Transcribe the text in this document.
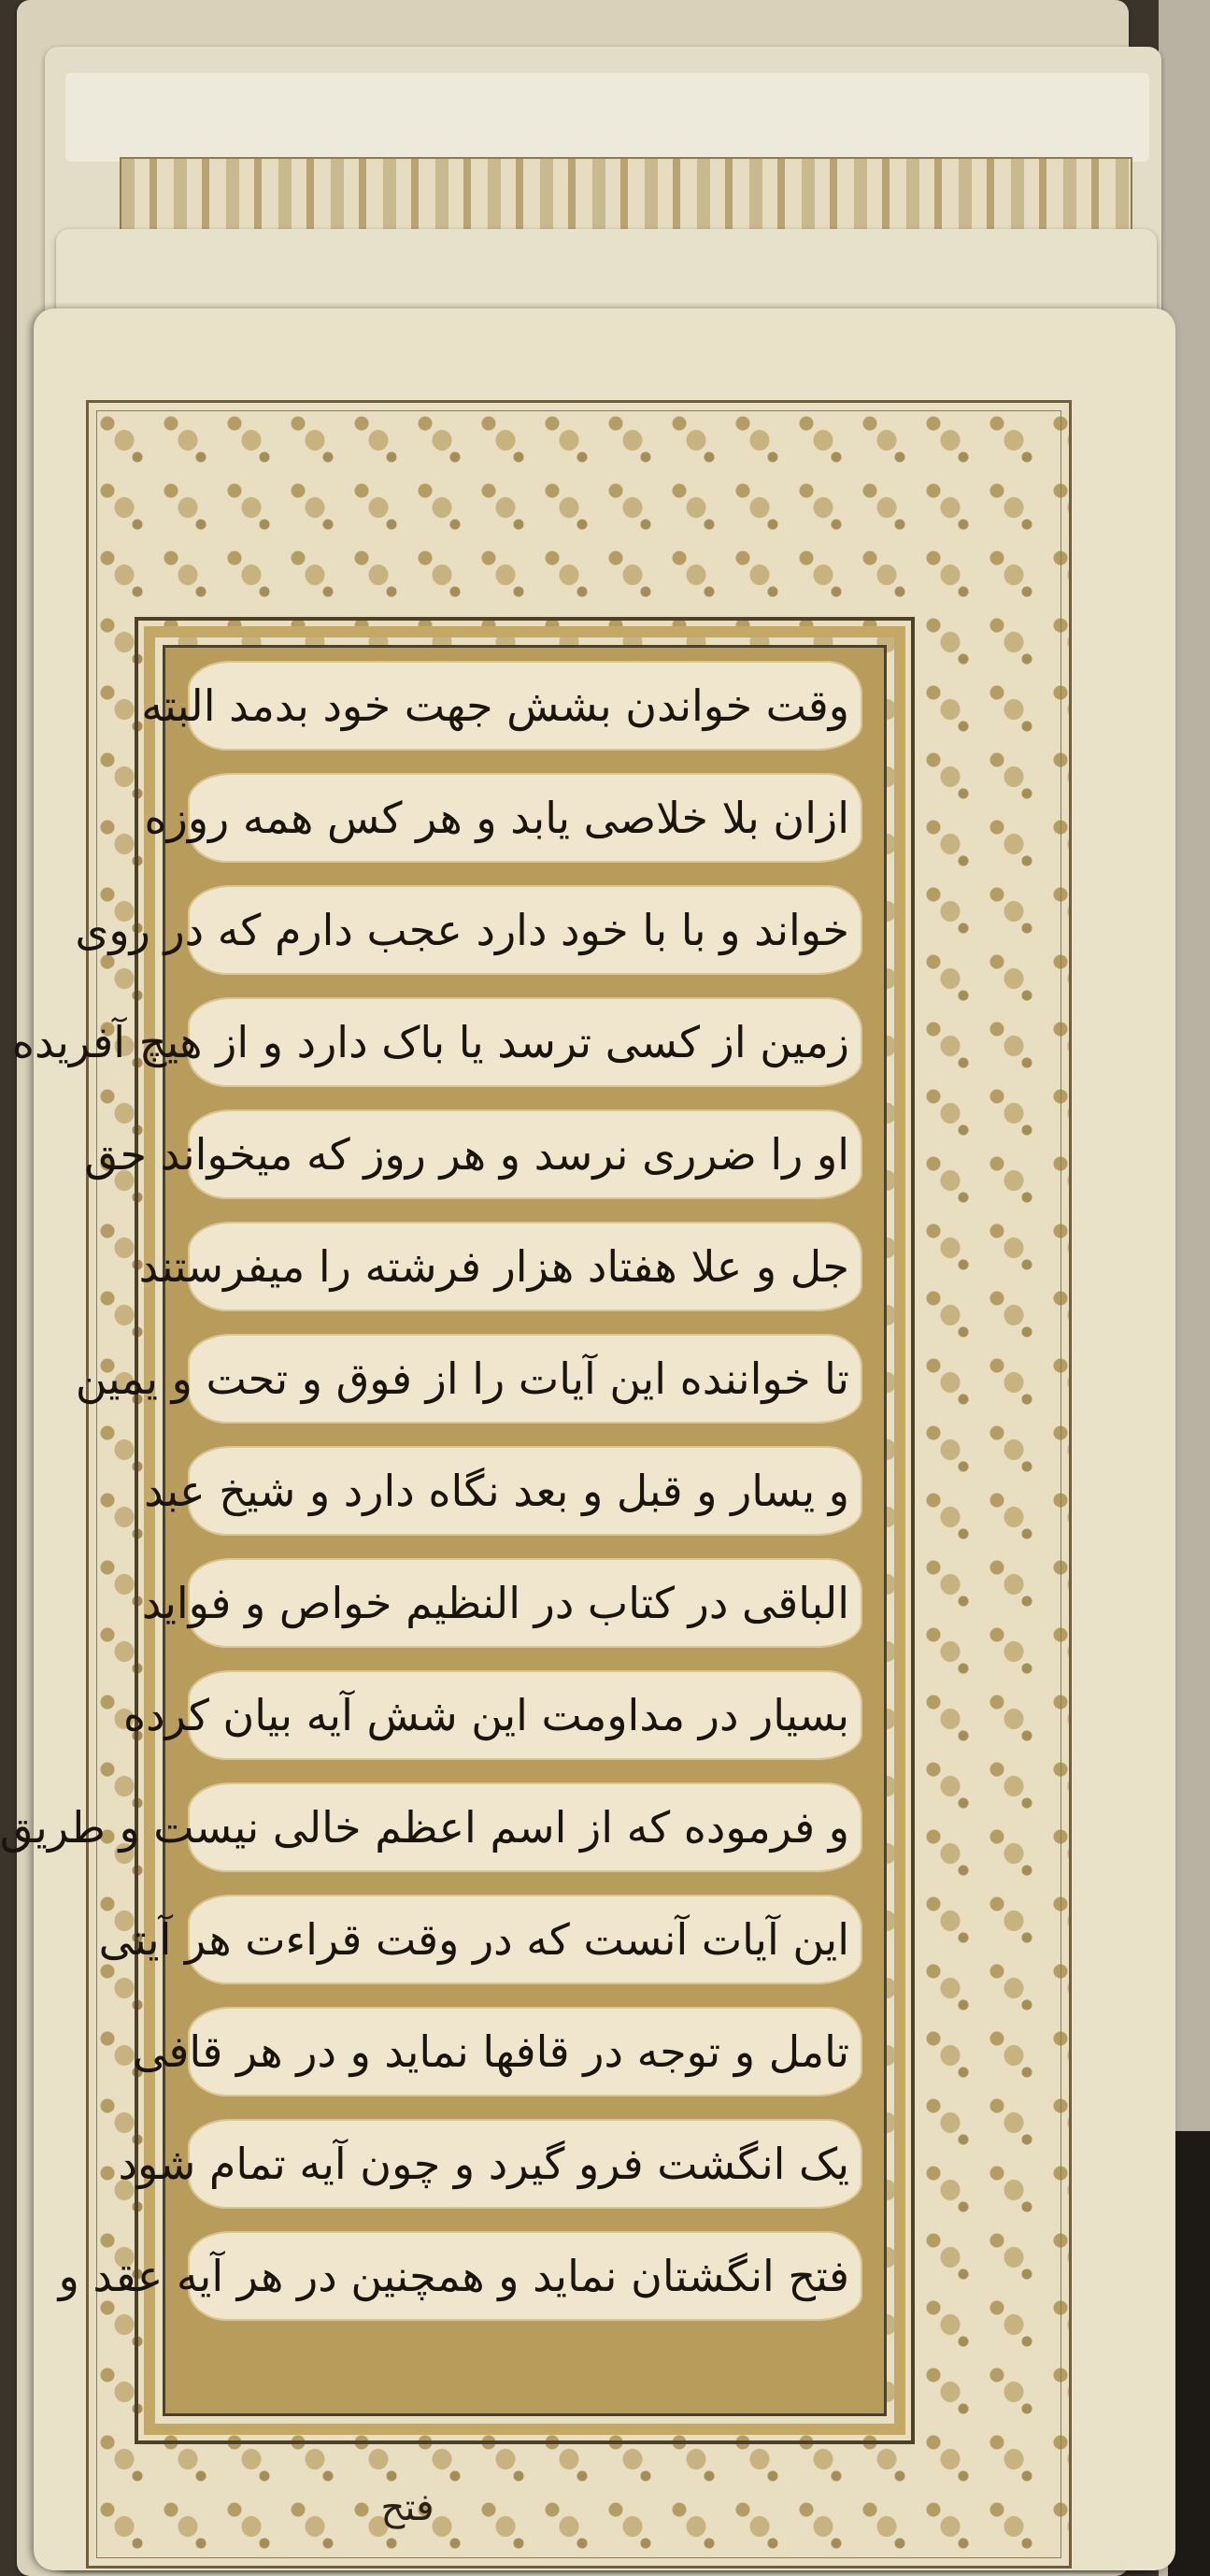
وقت خواندن بشش جهت خود بدمد البته
ازان بلا خلاصی یابد و هر کس همه روزه
خواند و با با خود دارد عجب دارم که در روی
زمین از کسی ترسد یا باک دارد و از هیچ آفریده
او را ضرری نرسد و هر روز که میخواند حق
جل و علا هفتاد هزار فرشته را میفرستند
تا خواننده این آیات را از فوق و تحت و یمین
و یسار و قبل و بعد نگاه دارد و شیخ عبد
الباقی در کتاب در النظیم خواص و فواید
بسیار در مداومت این شش آیه بیان کرده
و فرموده که از اسم اعظم خالی نیست و طریق
این آیات آنست که در وقت قراءت هر آیتی
تامل و توجه در قافها نماید و در هر قافی
یک انگشت فرو گیرد و چون آیه تمام شود
فتح انگشتان نماید و همچنین در هر آیه عقد و
فتح
